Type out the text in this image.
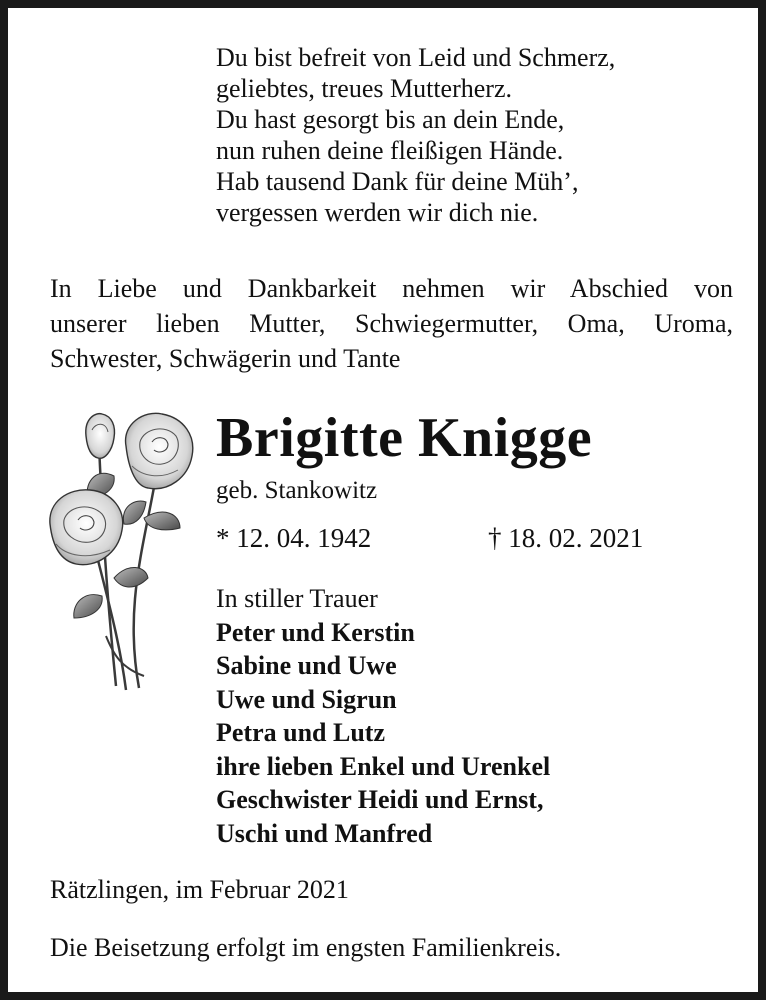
Du bist befreit von Leid und Schmerz,
geliebtes, treues Mutterherz.
Du hast gesorgt bis an dein Ende,
nun ruhen deine fleißigen Hände.
Hab tausend Dank für deine Müh’,
vergessen werden wir dich nie.
In Liebe und Dankbarkeit nehmen wir Abschied von
unserer lieben Mutter, Schwiegermutter, Oma, Uroma,
Schwester, Schwägerin und Tante
Brigitte Knigge
geb. Stankowitz
* 12. 04. 1942	† 18. 02. 2021
In stiller Trauer
Peter und Kerstin
Sabine und Uwe
Uwe und Sigrun
Petra und Lutz
ihre lieben Enkel und Urenkel
Geschwister Heidi und Ernst,
Uschi und Manfred
Rätzlingen, im Februar 2021
Die Beisetzung erfolgt im engsten Familienkreis.
